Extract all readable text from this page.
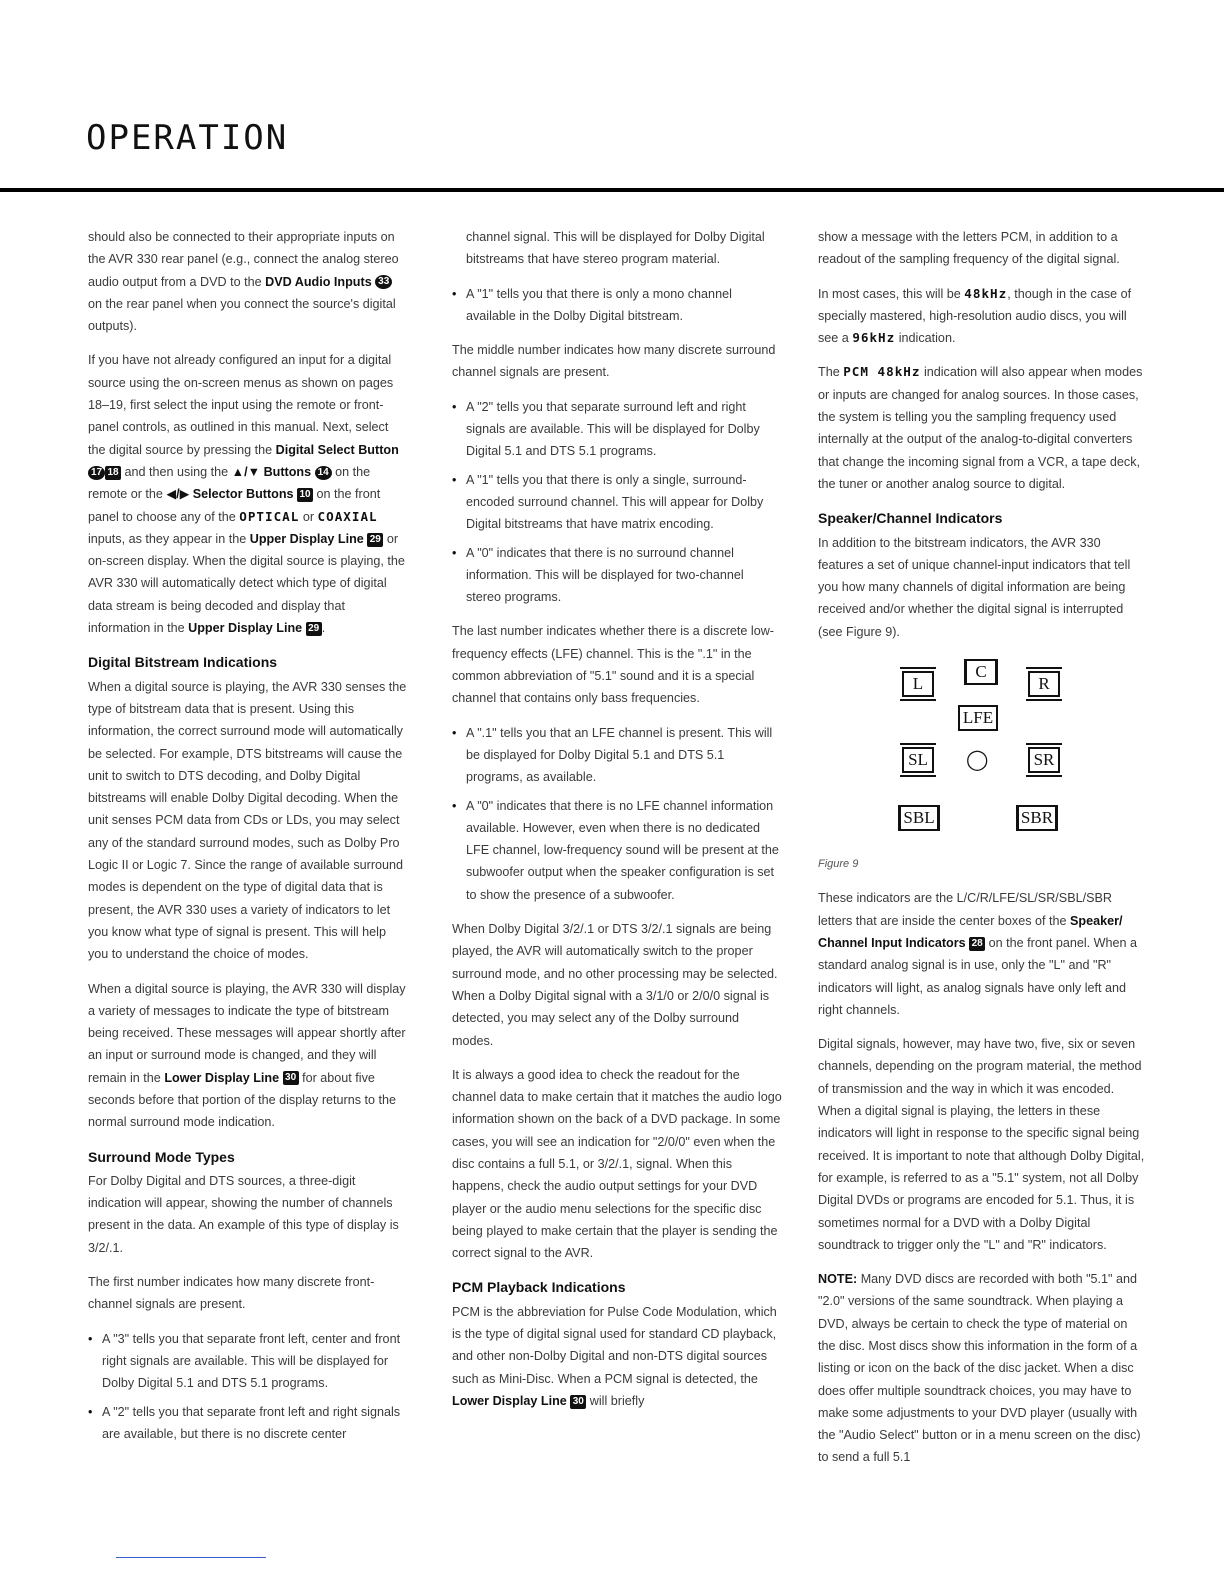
OPERATION

should also be connected to their appropriate inputs on the AVR 330 rear panel (e.g., connect the analog stereo audio output from a DVD to the DVD Audio Inputs 33 on the rear panel when you connect the source's digital outputs).

If you have not already configured an input for a digital source using the on-screen menus as shown on pages 18–19, first select the input using the remote or front-panel controls, as outlined in this manual. Next, select the digital source by pressing the Digital Select Button 17 18 and then using the ▲/▼ Buttons 14 on the remote or the ◀/▶ Selector Buttons 10 on the front panel to choose any of the OPTICAL or COAXIAL inputs, as they appear in the Upper Display Line 29 or on-screen display. When the digital source is playing, the AVR 330 will automatically detect which type of digital data stream is being decoded and display that information in the Upper Display Line 29 .

Digital Bitstream Indications

When a digital source is playing, the AVR 330 senses the type of bitstream data that is present. Using this information, the correct surround mode will automatically be selected. For example, DTS bitstreams will cause the unit to switch to DTS decoding, and Dolby Digital bitstreams will enable Dolby Digital decoding. When the unit senses PCM data from CDs or LDs, you may select any of the standard surround modes, such as Dolby Pro Logic II or Logic 7. Since the range of available surround modes is dependent on the type of digital data that is present, the AVR 330 uses a variety of indicators to let you know what type of signal is present. This will help you to understand the choice of modes.

When a digital source is playing, the AVR 330 will display a variety of messages to indicate the type of bitstream being received. These messages will appear shortly after an input or surround mode is changed, and they will remain in the Lower Display Line 30 for about five seconds before that portion of the display returns to the normal surround mode indication.

Surround Mode Types

For Dolby Digital and DTS sources, a three-digit indication will appear, showing the number of channels present in the data. An example of this type of display is 3/2/.1.

The first number indicates how many discrete front-channel signals are present.

• A "3" tells you that separate front left, center and front right signals are available. This will be displayed for Dolby Digital 5.1 and DTS 5.1 programs.
• A "2" tells you that separate front left and right signals are available, but there is no discrete center

channel signal. This will be displayed for Dolby Digital bitstreams that have stereo program material.

• A "1" tells you that there is only a mono channel available in the Dolby Digital bitstream.

The middle number indicates how many discrete surround channel signals are present.

• A "2" tells you that separate surround left and right signals are available. This will be displayed for Dolby Digital 5.1 and DTS 5.1 programs.
• A "1" tells you that there is only a single, surround-encoded surround channel. This will appear for Dolby Digital bitstreams that have matrix encoding.
• A "0" indicates that there is no surround channel information. This will be displayed for two-channel stereo programs.

The last number indicates whether there is a discrete low-frequency effects (LFE) channel. This is the ".1" in the common abbreviation of "5.1" sound and it is a special channel that contains only bass frequencies.

• A ".1" tells you that an LFE channel is present. This will be displayed for Dolby Digital 5.1 and DTS 5.1 programs, as available.
• A "0" indicates that there is no LFE channel information available. However, even when there is no dedicated LFE channel, low-frequency sound will be present at the subwoofer output when the speaker configuration is set to show the presence of a subwoofer.

When Dolby Digital 3/2/.1 or DTS 3/2/.1 signals are being played, the AVR will automatically switch to the proper surround mode, and no other processing may be selected. When a Dolby Digital signal with a 3/1/0 or 2/0/0 signal is detected, you may select any of the Dolby surround modes.

It is always a good idea to check the readout for the channel data to make certain that it matches the audio logo information shown on the back of a DVD package. In some cases, you will see an indication for "2/0/0" even when the disc contains a full 5.1, or 3/2/.1, signal. When this happens, check the audio output settings for your DVD player or the audio menu selections for the specific disc being played to make certain that the player is sending the correct signal to the AVR.

PCM Playback Indications

PCM is the abbreviation for Pulse Code Modulation, which is the type of digital signal used for standard CD playback, and other non-Dolby Digital and non-DTS digital sources such as Mini-Disc. When a PCM signal is detected, the Lower Display Line 30 will briefly

show a message with the letters PCM, in addition to a readout of the sampling frequency of the digital signal.

In most cases, this will be 48kHz, though in the case of specially mastered, high-resolution audio discs, you will see a 96kHz indication.

The PCM 48kHz indication will also appear when modes or inputs are changed for analog sources. In those cases, the system is telling you the sampling frequency used internally at the output of the analog-to-digital converters that change the incoming signal from a VCR, a tape deck, the tuner or another analog source to digital.

Speaker/Channel Indicators

In addition to the bitstream indicators, the AVR 330 features a set of unique channel-input indicators that tell you how many channels of digital information are being received and/or whether the digital signal is interrupted (see Figure 9).

L
C
R
LFE
SL	◯	SR
SBL	SBR

Figure 9

These indicators are the L/C/R/LFE/SL/SR/SBL/SBR letters that are inside the center boxes of the Speaker/ Channel Input Indicators 28 on the front panel. When a standard analog signal is in use, only the "L" and "R" indicators will light, as analog signals have only left and right channels.

Digital signals, however, may have two, five, six or seven channels, depending on the program material, the method of transmission and the way in which it was encoded. When a digital signal is playing, the letters in these indicators will light in response to the specific signal being received. It is important to note that although Dolby Digital, for example, is referred to as a "5.1" system, not all Dolby Digital DVDs or programs are encoded for 5.1. Thus, it is sometimes normal for a DVD with a Dolby Digital soundtrack to trigger only the "L" and "R" indicators.

NOTE: Many DVD discs are recorded with both "5.1" and "2.0" versions of the same soundtrack. When playing a DVD, always be certain to check the type of material on the disc. Most discs show this information in the form of a listing or icon on the back of the disc jacket. When a disc does offer multiple soundtrack choices, you may have to make some adjustments to your DVD player (usually with the "Audio Select" button or in a menu screen on the disc) to send a full 5.1
